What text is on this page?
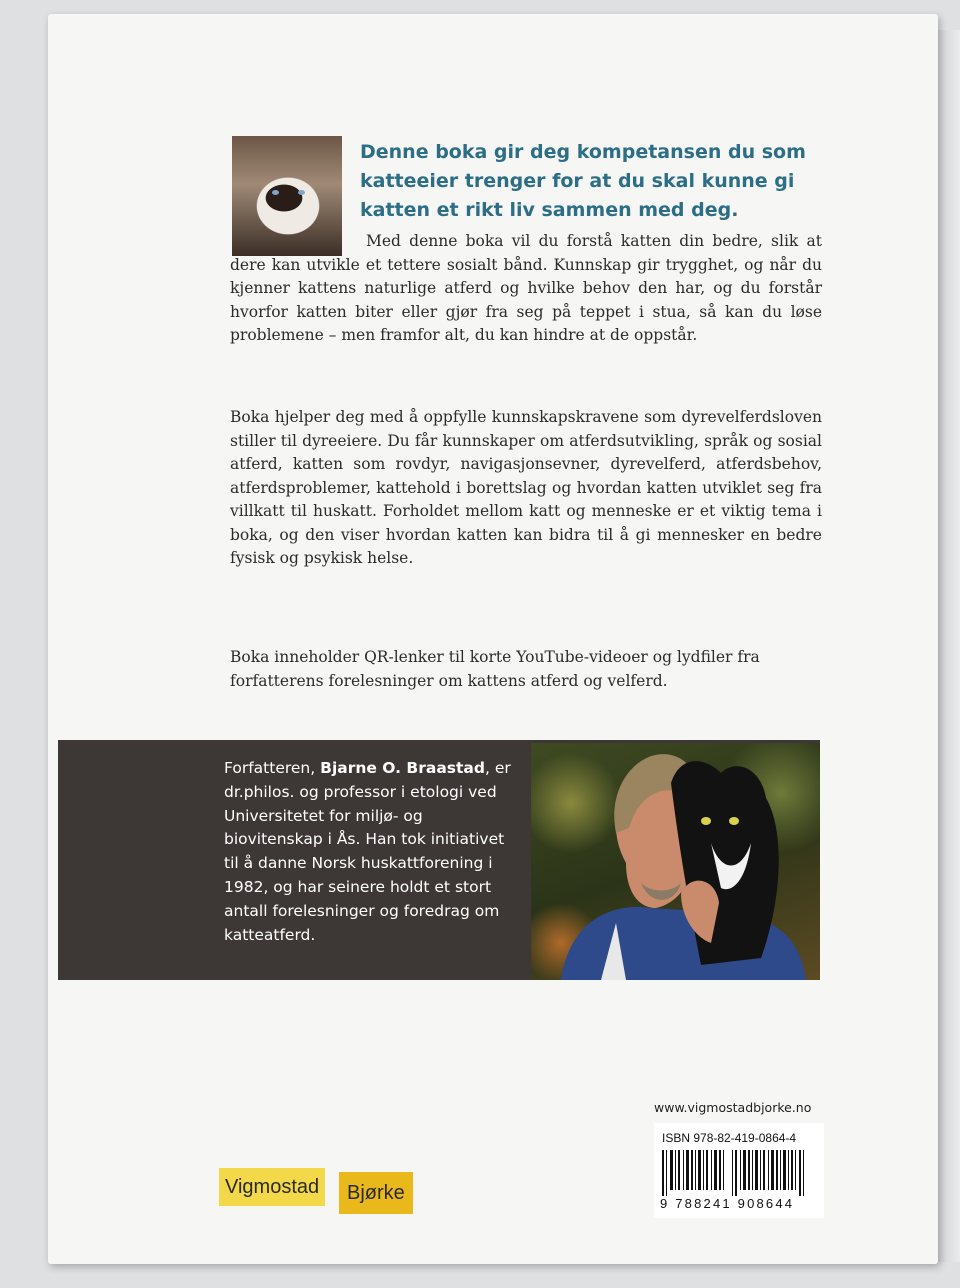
Denne boka gir deg kompetansen du som katteeier trenger for at du skal kunne gi katten et rikt liv sammen med deg.
Med denne boka vil du forstå katten din bedre, slik at dere kan utvikle et tettere sosialt bånd. Kunnskap gir trygghet, og når du kjenner kattens naturlige atferd og hvilke behov den har, og du forstår hvorfor katten biter eller gjør fra seg på teppet i stua, så kan du løse problemene – men framfor alt, du kan hindre at de oppstår.
Boka hjelper deg med å oppfylle kunnskapskravene som dyrevelferdsloven stiller til dyreeiere. Du får kunnskaper om atferdsutvikling, språk og sosial atferd, katten som rovdyr, navigasjonsevner, dyrevelferd, atferdsbehov, atferdsproblemer, kattehold i borettslag og hvordan katten utviklet seg fra villkatt til huskatt. Forholdet mellom katt og menneske er et viktig tema i boka, og den viser hvordan katten kan bidra til å gi mennesker en bedre fysisk og psykisk helse.
Boka inneholder QR-lenker til korte YouTube-videoer og lydfiler fra forfatterens forelesninger om kattens atferd og velferd.
Forfatteren, Bjarne O. Braastad, er dr.philos. og professor i etologi ved Universitetet for miljø- og biovitenskap i Ås. Han tok initiativet til å danne Norsk huskattforening i 1982, og har seinere holdt et stort antall forelesninger og foredrag om katteatferd.
www.vigmostadbjorke.no
ISBN 978-82-419-0864-4
9 788241 908644
Vigmostad	Bjørke
